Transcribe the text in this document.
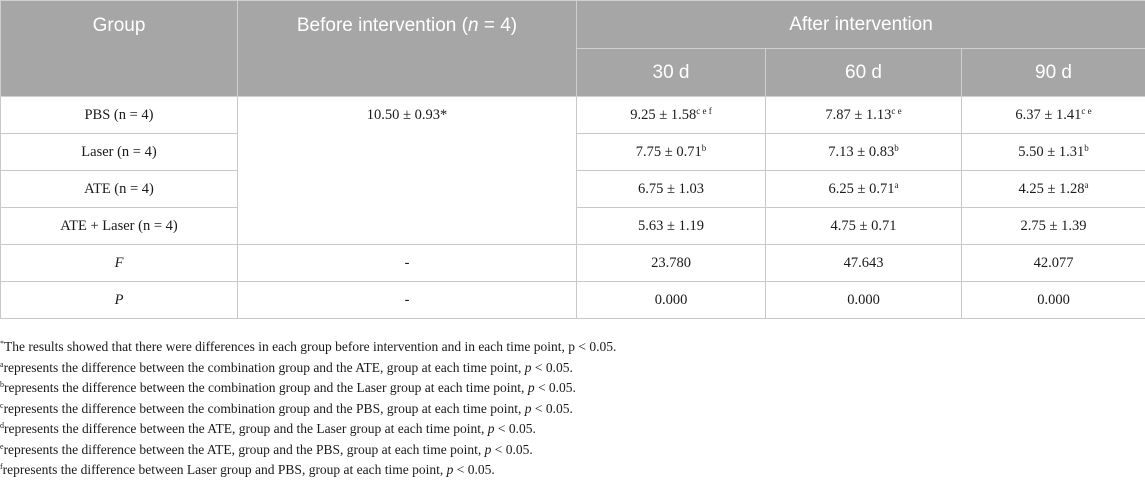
Group	Before intervention (n = 4)	After intervention		
		30 d	60 d	90 d
PBS (n = 4)	10.50 ± 0.93*	$9.25 \pm 1.58^{c e f}$	$7.87 \pm 1.13^{c e}$	$6.37 \pm 1.41^{c e}$
Laser (n = 4)		7.75 ± 0.71$^b$	7.13 ± 0.83$^b$	5.50 ± 1.31$^b$
ATE (n = 4)		6.75 ± 1.03	6.25 ± 0.71$^a$	4.25 ± 1.28$^a$
ATE + Laser (n = 4)		5.63 ± 1.19	4.75 ± 0.71	2.75 ± 1.39
F	-	23.780	47.643	42.077
P	-	0.000	0.000	0.000
*The results showed that there were differences in each group before intervention and in each time point, p < 0.05.
$^a$represents the difference between the combination group and the ATE, group at each time point, p < 0.05.
$^b$represents the difference between the combination group and the Laser group at each time point, p < 0.05.
$^c$represents the difference between the combination group and the PBS, group at each time point, p < 0.05.
$^d$represents the difference between the ATE, group and the Laser group at each time point, p < 0.05.
$^e$represents the difference between the ATE, group and the PBS, group at each time point, p < 0.05.
$^f$represents the difference between Laser group and PBS, group at each time point, p < 0.05.
